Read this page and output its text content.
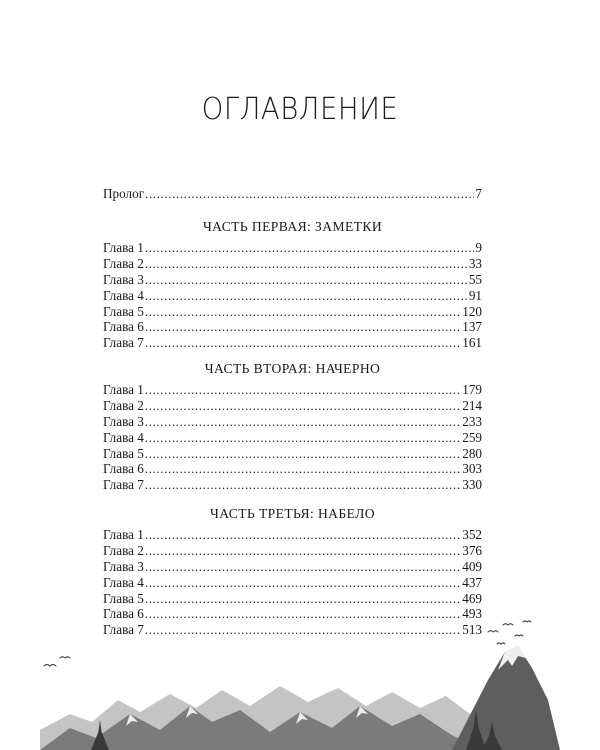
ОГЛАВЛЕНИЕ
Пролог .....	7
ЧАСТЬ ПЕРВАЯ: ЗАМЕТКИ
Глава 1 .....	9
Глава 2 .....	33
Глава 3 .....	55
Глава 4 .....	91
Глава 5 .....	120
Глава 6 .....	137
Глава 7 .....	161
ЧАСТЬ ВТОРАЯ: НАЧЕРНО
Глава 1 .....	179
Глава 2 .....	214
Глава 3 .....	233
Глава 4 .....	259
Глава 5 .....	280
Глава 6 .....	303
Глава 7 .....	330
ЧАСТЬ ТРЕТЬЯ: НАБЕЛО
Глава 1 .....	352
Глава 2 .....	376
Глава 3 .....	409
Глава 4 .....	437
Глава 5 .....	469
Глава 6 .....	493
Глава 7 .....	513
